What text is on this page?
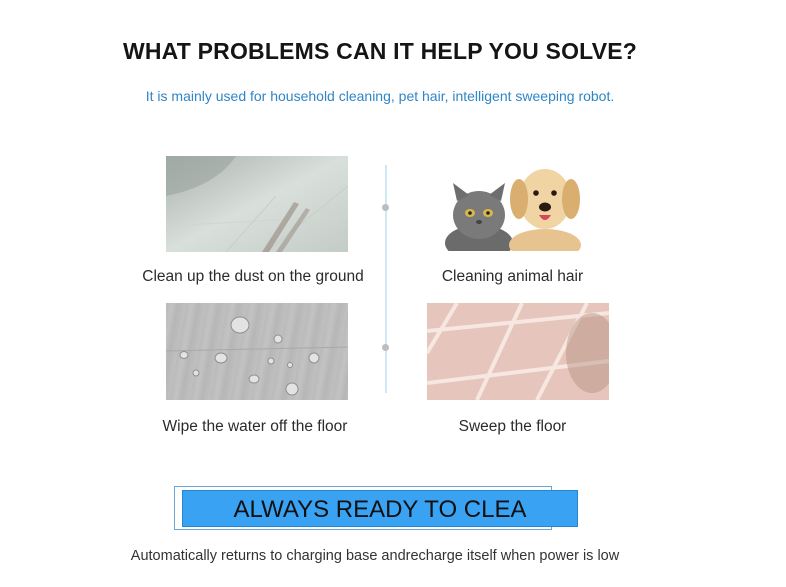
WHAT PROBLEMS CAN IT HELP YOU SOLVE?
It is mainly used for household cleaning, pet hair, intelligent sweeping robot.
Clean up the dust on the ground	Cleaning animal hair
Wipe the water off the floor	Sweep the floor
ALWAYS READY TO CLEA
Automatically returns to charging base andrecharge itself when power is low
